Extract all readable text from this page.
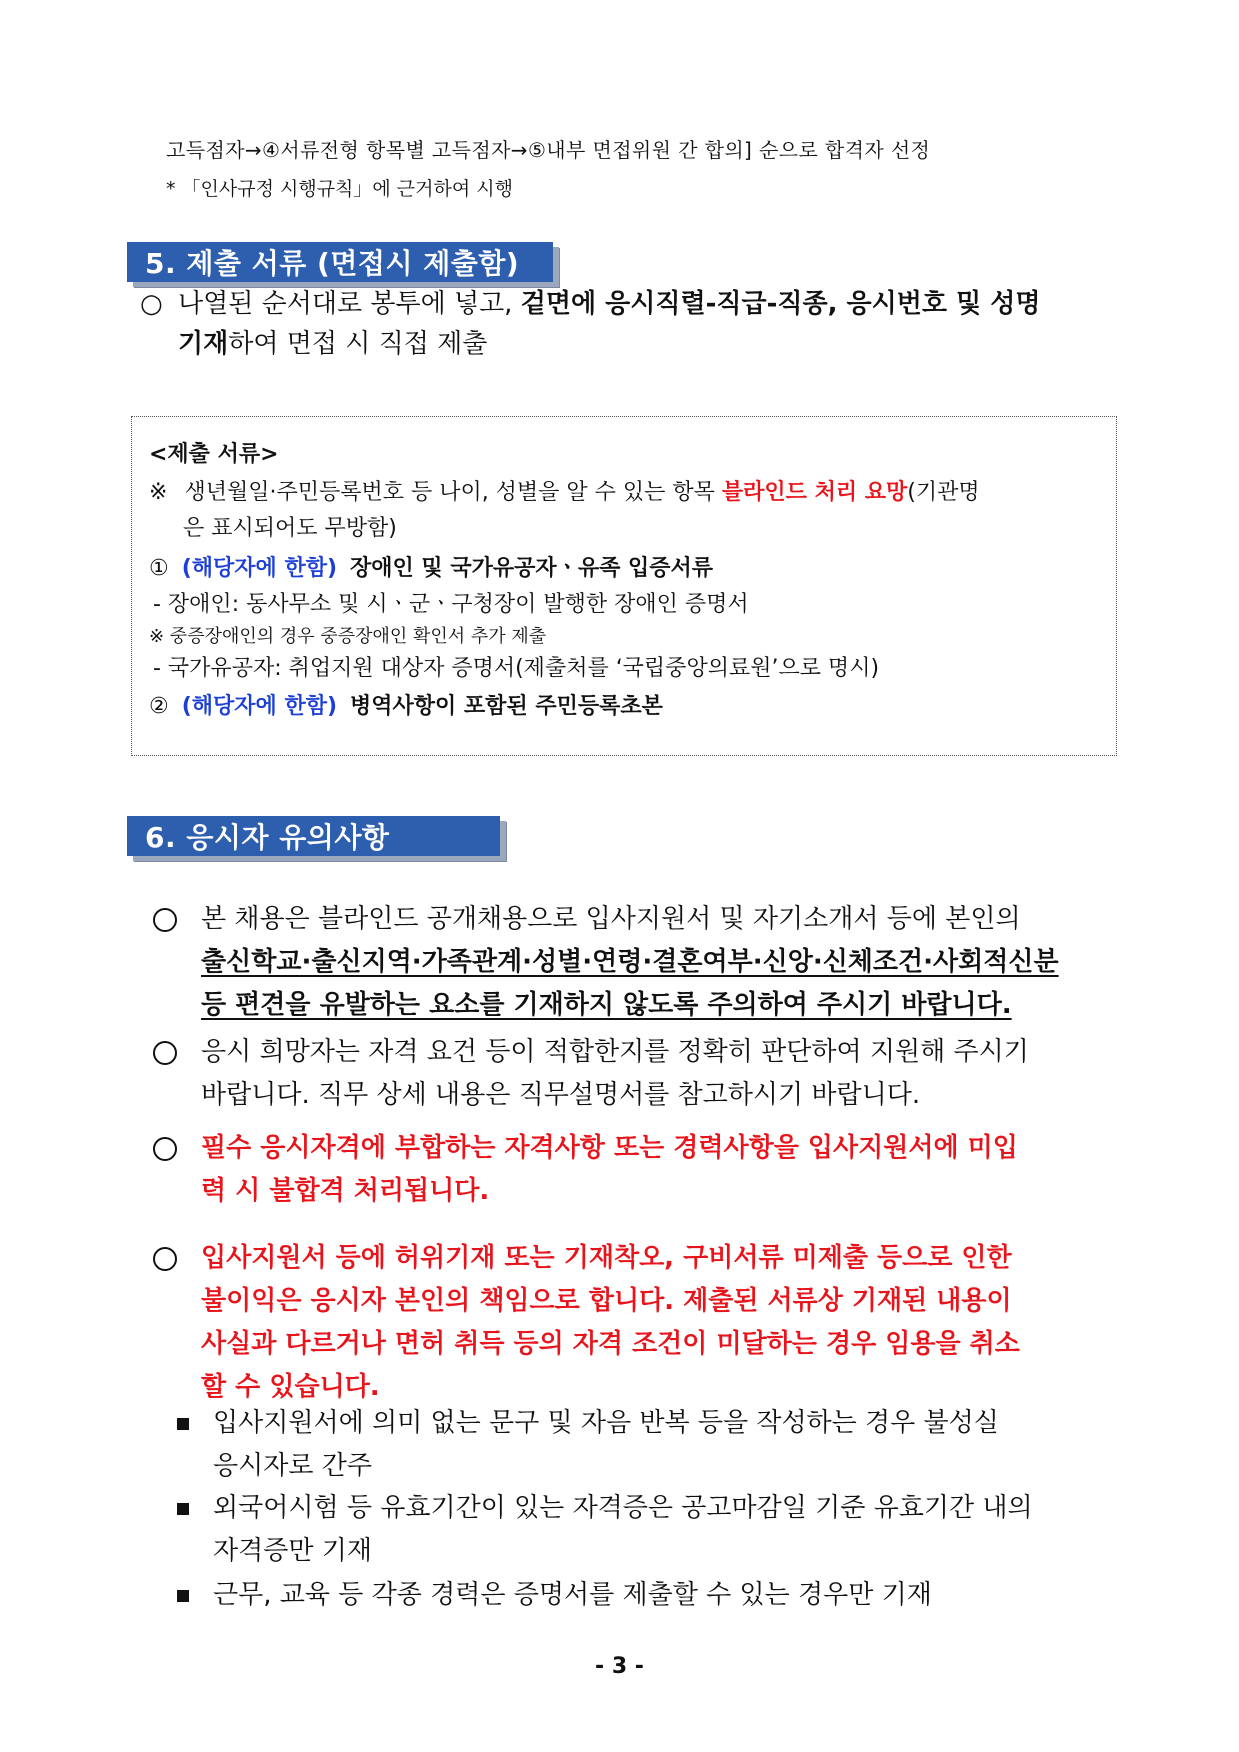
고득점자→④서류전형 항목별 고득점자→⑤내부 면접위원 간 합의] 순으로 합격자 선정
* 「인사규정 시행규칙」에 근거하여 시행
5. 제출 서류 (면접시 제출함)
○ 나열된 순서대로 봉투에 넣고, 겉면에 응시직렬-직급-직종, 응시번호 및 성명
기재하여 면접 시 직접 제출
<제출 서류>
※ 생년월일·주민등록번호 등 나이, 성별을 알 수 있는 항목 블라인드 처리 요망(기관명
은 표시되어도 무방함)
① (해당자에 한함) 장애인 및 국가유공자ㆍ유족 입증서류
- 장애인: 동사무소 및 시ㆍ군ㆍ구청장이 발행한 장애인 증명서
※ 중증장애인의 경우 중증장애인 확인서 추가 제출
- 국가유공자: 취업지원 대상자 증명서(제출처를 ‘국립중앙의료원’으로 명시)
② (해당자에 한함) 병역사항이 포함된 주민등록초본
6. 응시자 유의사항
본 채용은 블라인드 공개채용으로 입사지원서 및 자기소개서 등에 본인의
출신학교·출신지역·가족관계·성별·연령·결혼여부·신앙·신체조건·사회적신분
등 편견을 유발하는 요소를 기재하지 않도록 주의하여 주시기 바랍니다.
응시 희망자는 자격 요건 등이 적합한지를 정확히 판단하여 지원해 주시기
바랍니다. 직무 상세 내용은 직무설명서를 참고하시기 바랍니다.
필수 응시자격에 부합하는 자격사항 또는 경력사항을 입사지원서에 미입
력 시 불합격 처리됩니다.
입사지원서 등에 허위기재 또는 기재착오, 구비서류 미제출 등으로 인한
불이익은 응시자 본인의 책임으로 합니다. 제출된 서류상 기재된 내용이
사실과 다르거나 면허 취득 등의 자격 조건이 미달하는 경우 임용을 취소
할 수 있습니다.
입사지원서에 의미 없는 문구 및 자음 반복 등을 작성하는 경우 불성실
응시자로 간주
외국어시험 등 유효기간이 있는 자격증은 공고마감일 기준 유효기간 내의
자격증만 기재
근무, 교육 등 각종 경력은 증명서를 제출할 수 있는 경우만 기재
- 3 -
